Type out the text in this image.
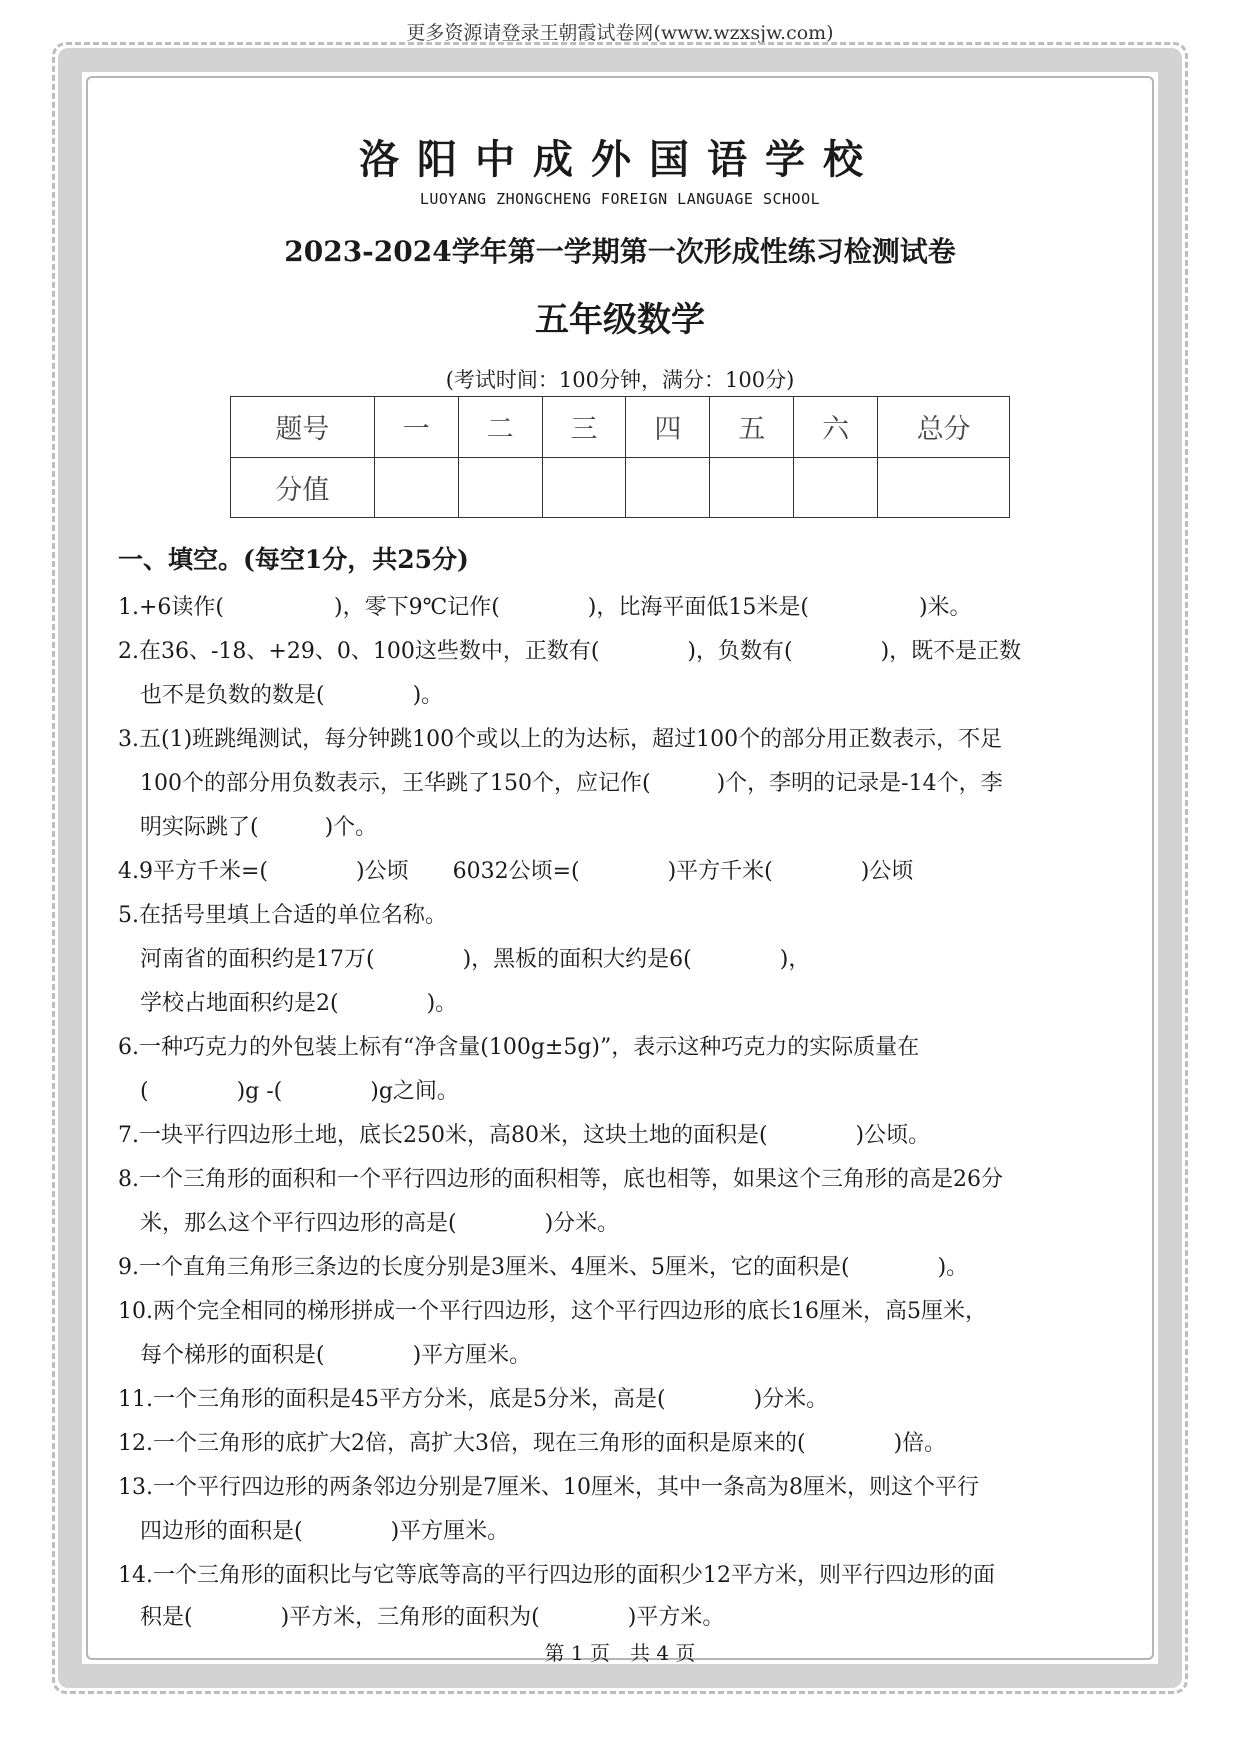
更多资源请登录王朝霞试卷网(www.wzxsjw.com)
洛阳中成外国语学校
LUOYANG ZHONGCHENG FOREIGN LANGUAGE SCHOOL
2023-2024学年第一学期第一次形成性练习检测试卷
五年级数学
(考试时间：100分钟，满分：100分)
题号	一	二	三	四	五	六	总分
分值							
一、填空。(每空1分，共25分)
1.+6读作(　　　　　)，零下9℃记作(　　　　)，比海平面低15米是(　　　　　)米。
2.在36、-18、+29、0、100这些数中，正数有(　　　　)，负数有(　　　　)，既不是正数
　也不是负数的数是(　　　　)。
3.五(1)班跳绳测试，每分钟跳100个或以上的为达标，超过100个的部分用正数表示，不足
　100个的部分用负数表示，王华跳了150个，应记作(　　　)个，李明的记录是-14个，李
　明实际跳了(　　　)个。
4.9平方千米=(　　　　)公顷　　6032公顷=(　　　　)平方千米(　　　　)公顷
5.在括号里填上合适的单位名称。
　河南省的面积约是17万(　　　　)，黑板的面积大约是6(　　　　)，
　学校占地面积约是2(　　　　)。
6.一种巧克力的外包装上标有“净含量(100g±5g)”，表示这种巧克力的实际质量在
　(　　　　)g -(　　　　)g之间。
7.一块平行四边形土地，底长250米，高80米，这块土地的面积是(　　　　)公顷。
8.一个三角形的面积和一个平行四边形的面积相等，底也相等，如果这个三角形的高是26分
　米，那么这个平行四边形的高是(　　　　)分米。
9.一个直角三角形三条边的长度分别是3厘米、4厘米、5厘米，它的面积是(　　　　)。
10.两个完全相同的梯形拼成一个平行四边形，这个平行四边形的底长16厘米，高5厘米，
　每个梯形的面积是(　　　　)平方厘米。
11.一个三角形的面积是45平方分米，底是5分米，高是(　　　　)分米。
12.一个三角形的底扩大2倍，高扩大3倍，现在三角形的面积是原来的(　　　　)倍。
13.一个平行四边形的两条邻边分别是7厘米、10厘米，其中一条高为8厘米，则这个平行
　四边形的面积是(　　　　)平方厘米。
14.一个三角形的面积比与它等底等高的平行四边形的面积少12平方米，则平行四边形的面
　积是(　　　　)平方米，三角形的面积为(　　　　)平方米。
第 1 页　共 4 页
